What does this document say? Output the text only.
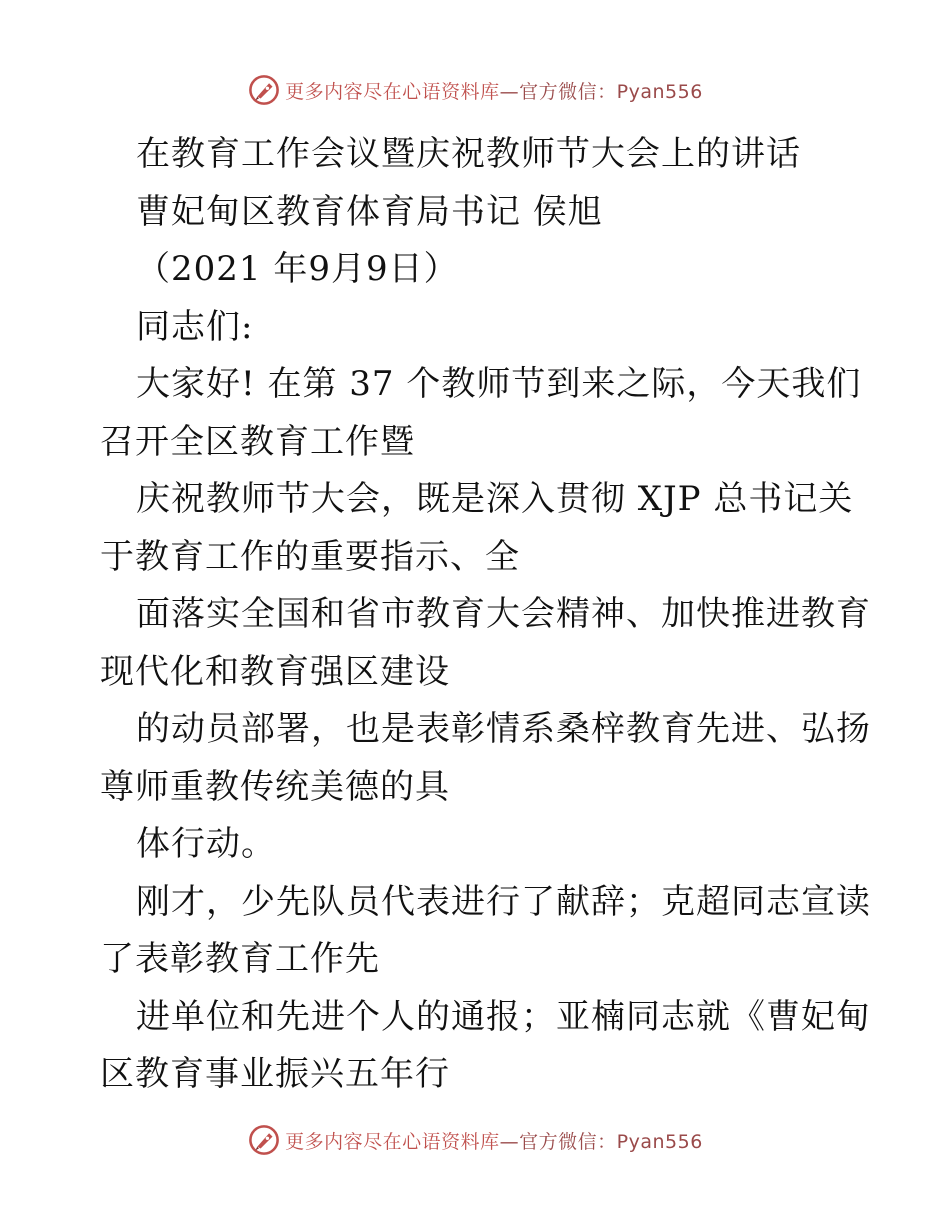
更多内容尽在心语资料库—官方微信：Pyan556
在教育工作会议暨庆祝教师节大会上的讲话
曹妃甸区教育体育局书记 侯旭
（2021 年9月9日）
同志们:
大家好! 在第 37 个教师节到来之际，今天我们
召开全区教育工作暨
庆祝教师节大会，既是深入贯彻 XJP 总书记关
于教育工作的重要指示、全
面落实全国和省市教育大会精神、加快推进教育
现代化和教育强区建设
的动员部署，也是表彰情系桑梓教育先进、弘扬
尊师重教传统美德的具
体行动。
刚才，少先队员代表进行了献辞；克超同志宣读
了表彰教育工作先
进单位和先进个人的通报；亚楠同志就《曹妃甸
区教育事业振兴五年行
更多内容尽在心语资料库—官方微信：Pyan556
